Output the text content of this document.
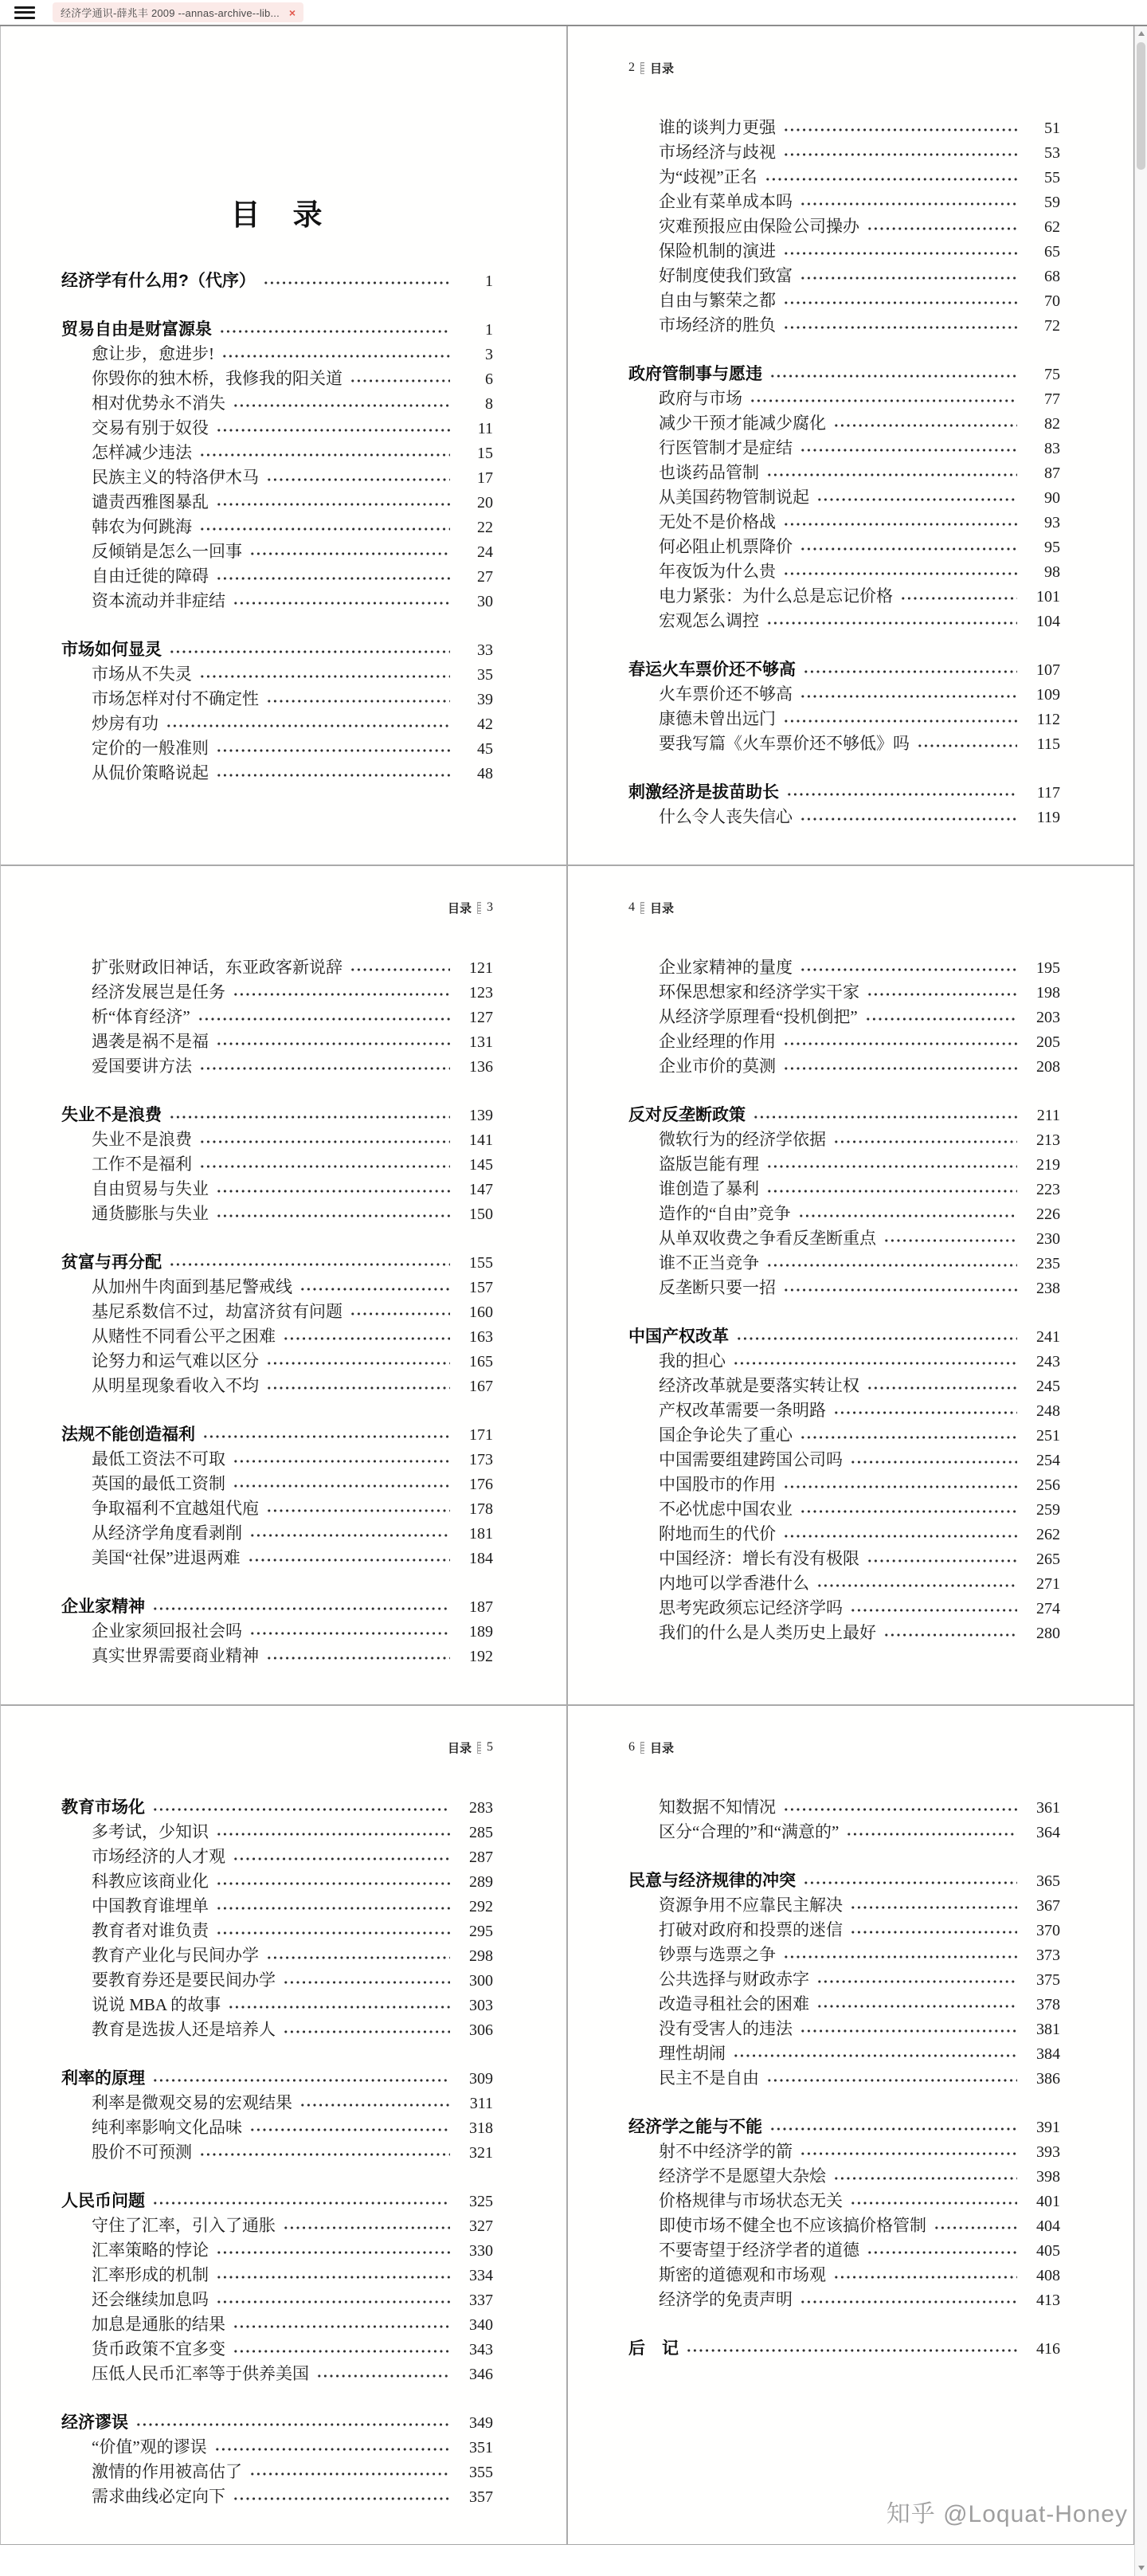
经济学通识-薛兆丰 2009 --annas-archive--lib... ×
目　录
经济学有什么用?（代序）	1
贸易自由是财富源泉	1
愈让步，愈进步!	3
你毁你的独木桥，我修我的阳关道	6
相对优势永不消失	8
交易有别于奴役	11
怎样减少违法	15
民族主义的特洛伊木马	17
谴责西雅图暴乱	20
韩农为何跳海	22
反倾销是怎么一回事	24
自由迁徙的障碍	27
资本流动并非症结	30
市场如何显灵	33
市场从不失灵	35
市场怎样对付不确定性	39
炒房有功	42
定价的一般准则	45
从侃价策略说起	48
2 目录
谁的谈判力更强	51
市场经济与歧视	53
为“歧视”正名	55
企业有菜单成本吗	59
灾难预报应由保险公司操办	62
保险机制的演进	65
好制度使我们致富	68
自由与繁荣之都	70
市场经济的胜负	72
政府管制事与愿违	75
政府与市场	77
减少干预才能减少腐化	82
行医管制才是症结	83
也谈药品管制	87
从美国药物管制说起	90
无处不是价格战	93
何必阻止机票降价	95
年夜饭为什么贵	98
电力紧张：为什么总是忘记价格	101
宏观怎么调控	104
春运火车票价还不够高	107
火车票价还不够高	109
康德未曾出远门	112
要我写篇《火车票价还不够低》吗	115
刺激经济是拔苗助长	117
什么令人丧失信心	119
目录 3
扩张财政旧神话，东亚政客新说辞	121
经济发展岂是任务	123
析“体育经济”	127
遇袭是祸不是福	131
爱国要讲方法	136
失业不是浪费	139
失业不是浪费	141
工作不是福利	145
自由贸易与失业	147
通货膨胀与失业	150
贫富与再分配	155
从加州牛肉面到基尼警戒线	157
基尼系数信不过，劫富济贫有问题	160
从赌性不同看公平之困难	163
论努力和运气难以区分	165
从明星现象看收入不均	167
法规不能创造福利	171
最低工资法不可取	173
英国的最低工资制	176
争取福利不宜越俎代庖	178
从经济学角度看剥削	181
美国“社保”进退两难	184
企业家精神	187
企业家须回报社会吗	189
真实世界需要商业精神	192
4 目录
企业家精神的量度	195
环保思想家和经济学实干家	198
从经济学原理看“投机倒把”	203
企业经理的作用	205
企业市价的莫测	208
反对反垄断政策	211
微软行为的经济学依据	213
盗版岂能有理	219
谁创造了暴利	223
造作的“自由”竞争	226
从单双收费之争看反垄断重点	230
谁不正当竞争	235
反垄断只要一招	238
中国产权改革	241
我的担心	243
经济改革就是要落实转让权	245
产权改革需要一条明路	248
国企争论失了重心	251
中国需要组建跨国公司吗	254
中国股市的作用	256
不必忧虑中国农业	259
附地而生的代价	262
中国经济：增长有没有极限	265
内地可以学香港什么	271
思考宪政须忘记经济学吗	274
我们的什么是人类历史上最好	280
目录 5
教育市场化	283
多考试，少知识	285
市场经济的人才观	287
科教应该商业化	289
中国教育谁埋单	292
教育者对谁负责	295
教育产业化与民间办学	298
要教育券还是要民间办学	300
说说 MBA 的故事	303
教育是选拔人还是培养人	306
利率的原理	309
利率是微观交易的宏观结果	311
纯利率影响文化品味	318
股价不可预测	321
人民币问题	325
守住了汇率，引入了通胀	327
汇率策略的悖论	330
汇率形成的机制	334
还会继续加息吗	337
加息是通胀的结果	340
货币政策不宜多变	343
压低人民币汇率等于供养美国	346
经济谬误	349
“价值”观的谬误	351
激情的作用被高估了	355
需求曲线必定向下	357
6 目录
知数据不知情况	361
区分“合理的”和“满意的”	364
民意与经济规律的冲突	365
资源争用不应靠民主解决	367
打破对政府和投票的迷信	370
钞票与选票之争	373
公共选择与财政赤字	375
改造寻租社会的困难	378
没有受害人的违法	381
理性胡闹	384
民主不是自由	386
经济学之能与不能	391
射不中经济学的箭	393
经济学不是愿望大杂烩	398
价格规律与市场状态无关	401
即使市场不健全也不应该搞价格管制	404
不要寄望于经济学者的道德	405
斯密的道德观和市场观	408
经济学的免责声明	413
后　记	416
知乎 @Loquat-Honey
